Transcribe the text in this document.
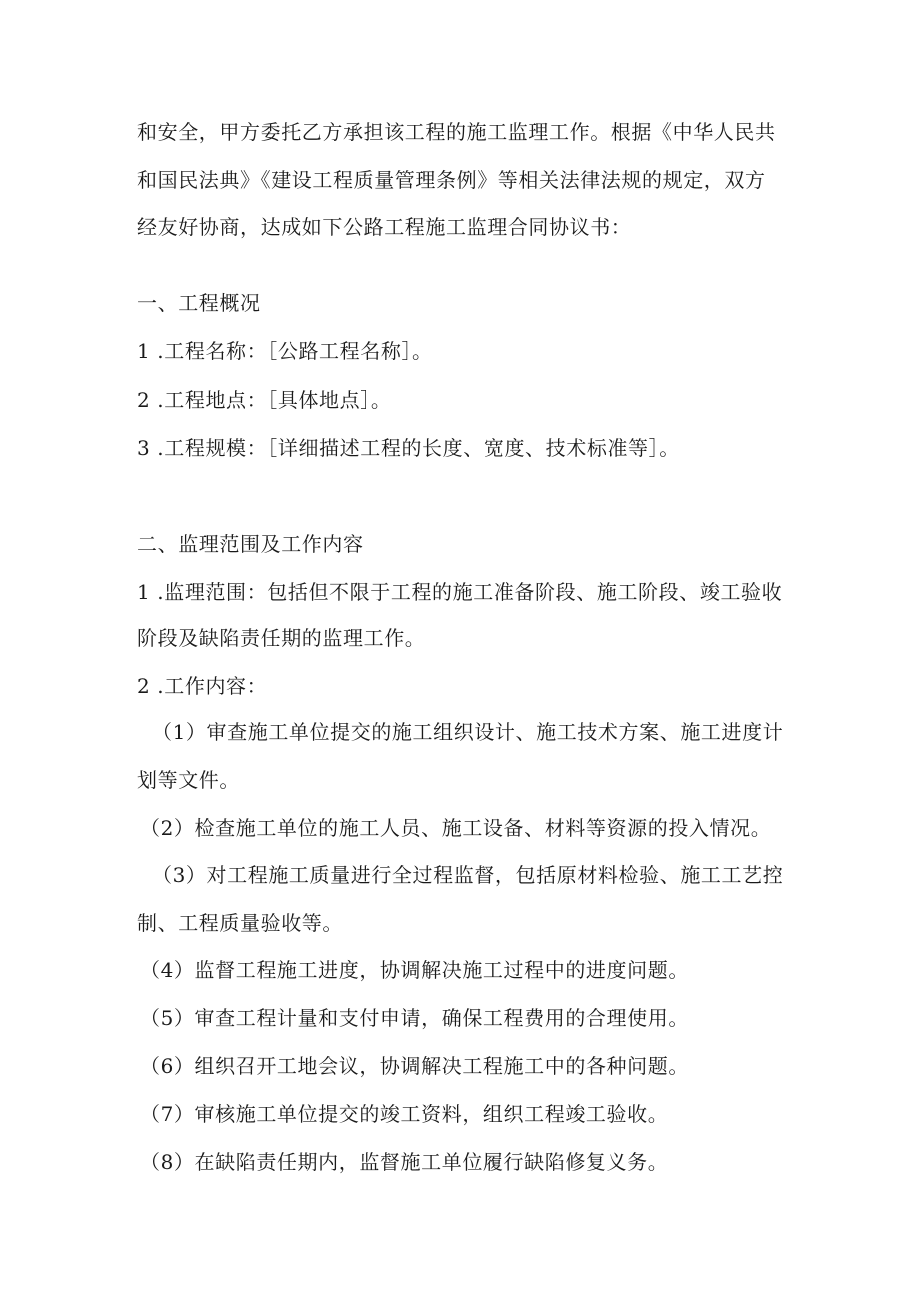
和安全，甲方委托乙方承担该工程的施工监理工作。根据《中华人民共
和国民法典》《建设工程质量管理条例》等相关法律法规的规定，双方
经友好协商，达成如下公路工程施工监理合同协议书：
一、工程概况
1 .工程名称：［公路工程名称］。
2 .工程地点：［具体地点］。
3 .工程规模：［详细描述工程的长度、宽度、技术标准等］。
二、监理范围及工作内容
1 .监理范围：包括但不限于工程的施工准备阶段、施工阶段、竣工验收
阶段及缺陷责任期的监理工作。
2 .工作内容：
（1）审查施工单位提交的施工组织设计、施工技术方案、施工进度计
划等文件。
（2）检查施工单位的施工人员、施工设备、材料等资源的投入情况。
（3）对工程施工质量进行全过程监督，包括原材料检验、施工工艺控
制、工程质量验收等。
（4）监督工程施工进度，协调解决施工过程中的进度问题。
（5）审查工程计量和支付申请，确保工程费用的合理使用。
（6）组织召开工地会议，协调解决工程施工中的各种问题。
（7）审核施工单位提交的竣工资料，组织工程竣工验收。
（8）在缺陷责任期内，监督施工单位履行缺陷修复义务。
